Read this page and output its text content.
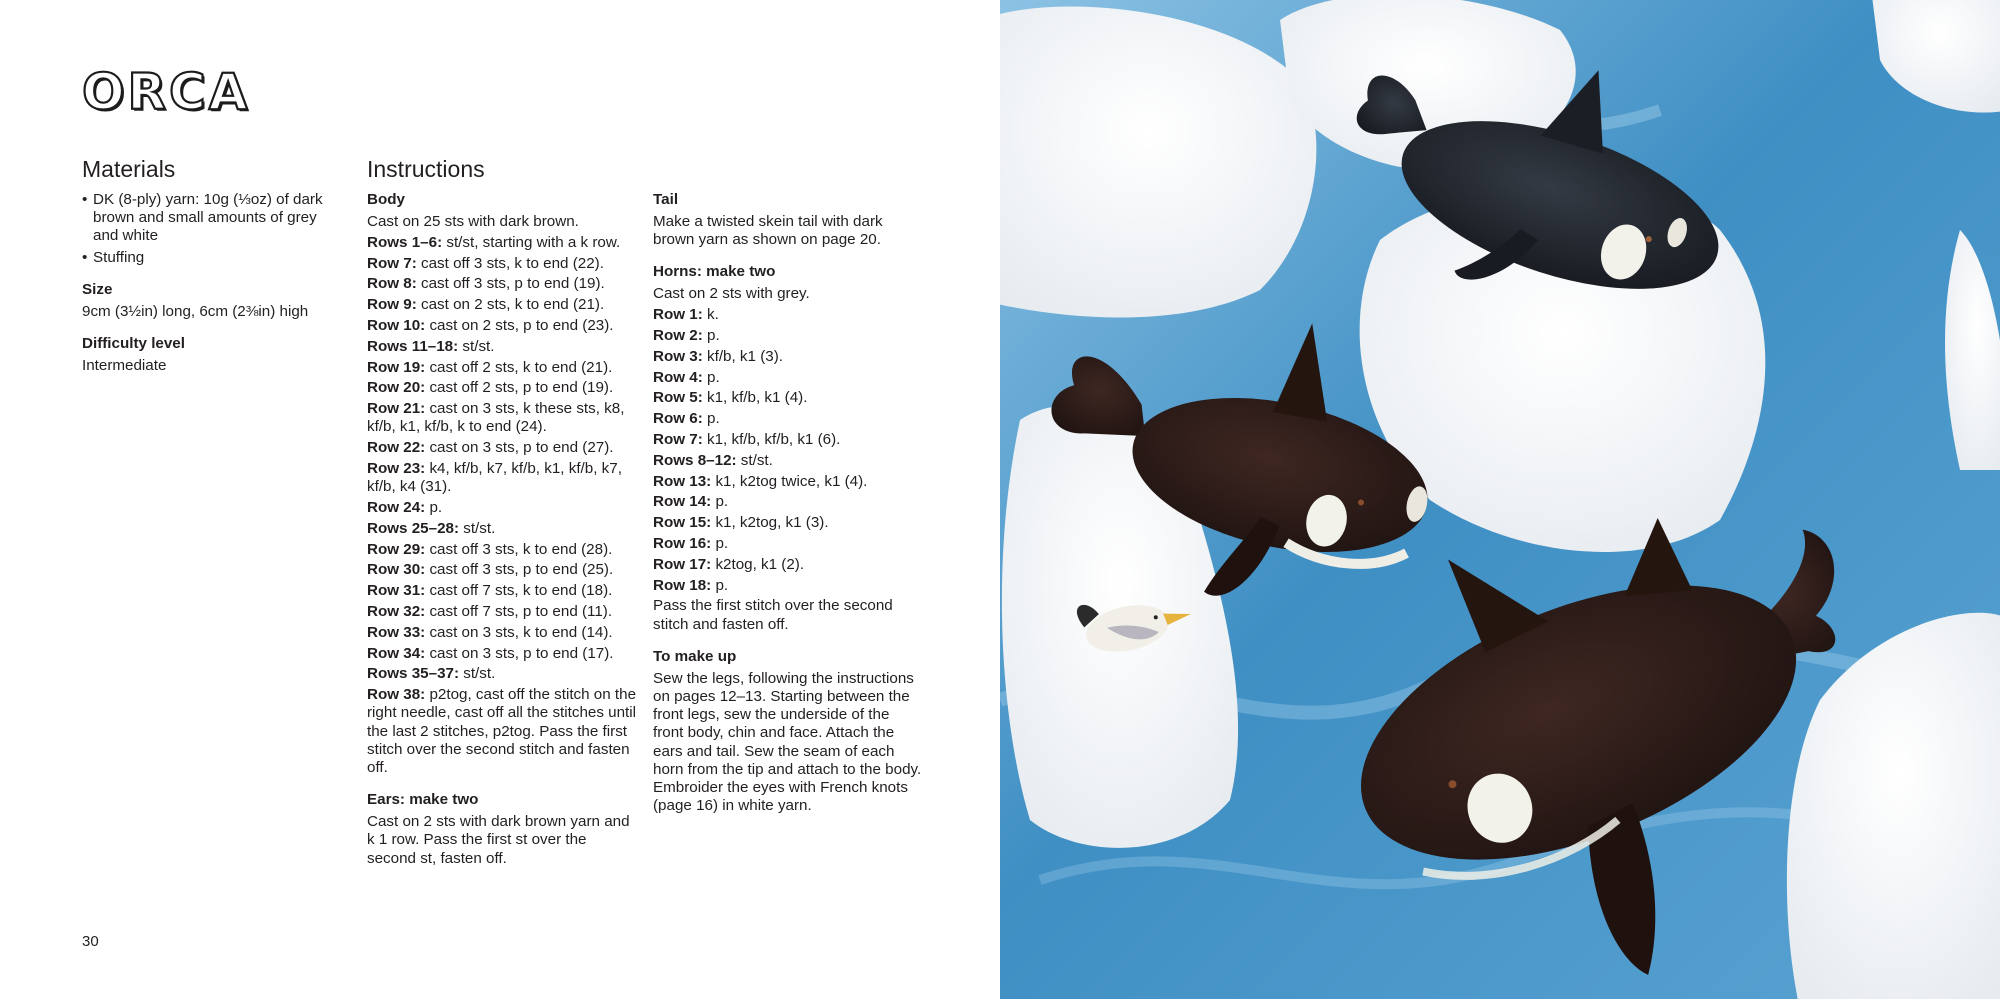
ORCA
Materials
• DK (8-ply) yarn: 10g (⅓oz) of dark brown and small amounts of grey and white
• Stuffing
Size

9cm (3½in) long, 6cm (2⅜in) high

Difficulty level

Intermediate

Instructions
Body
Cast on 25 sts with dark brown.
Rows 1–6: st/st, starting with a k row.
Row 7: cast off 3 sts, k to end (22).
Row 8: cast off 3 sts, p to end (19).
Row 9: cast on 2 sts, k to end (21).
Row 10: cast on 2 sts, p to end (23).
Rows 11–18: st/st.
Row 19: cast off 2 sts, k to end (21).
Row 20: cast off 2 sts, p to end (19).
Row 21: cast on 3 sts, k these sts, k8, kf/b, k1, kf/b, k to end (24).
Row 22: cast on 3 sts, p to end (27).
Row 23: k4, kf/b, k7, kf/b, k1, kf/b, k7, kf/b, k4 (31).
Row 24: p.
Rows 25–28: st/st.
Row 29: cast off 3 sts, k to end (28).
Row 30: cast off 3 sts, p to end (25).
Row 31: cast off 7 sts, k to end (18).
Row 32: cast off 7 sts, p to end (11).
Row 33: cast on 3 sts, k to end (14).
Row 34: cast on 3 sts, p to end (17).
Rows 35–37: st/st.
Row 38: p2tog, cast off the stitch on the right needle, cast off all the stitches until the last 2 stitches, p2tog. Pass the first stitch over the second stitch and fasten off.
Ears: make two

Cast on 2 sts with dark brown yarn and k 1 row. Pass the first st over the second st, fasten off.

Tail

Make a twisted skein tail with dark brown yarn as shown on page 20.

Horns: make two
Cast on 2 sts with grey.
Row 1: k.
Row 2: p.
Row 3: kf/b, k1 (3).
Row 4: p.
Row 5: k1, kf/b, k1 (4).
Row 6: p.
Row 7: k1, kf/b, kf/b, k1 (6).
Rows 8–12: st/st.
Row 13: k1, k2tog twice, k1 (4).
Row 14: p.
Row 15: k1, k2tog, k1 (3).
Row 16: p.
Row 17: k2tog, k1 (2).
Row 18: p.
Pass the first stitch over the second stitch and fasten off.
To make up

Sew the legs, following the instructions on pages 12–13. Starting between the front legs, sew the underside of the front body, chin and face. Attach the ears and tail. Sew the seam of each horn from the tip and attach to the body. Embroider the eyes with French knots (page 16) in white yarn.

30
